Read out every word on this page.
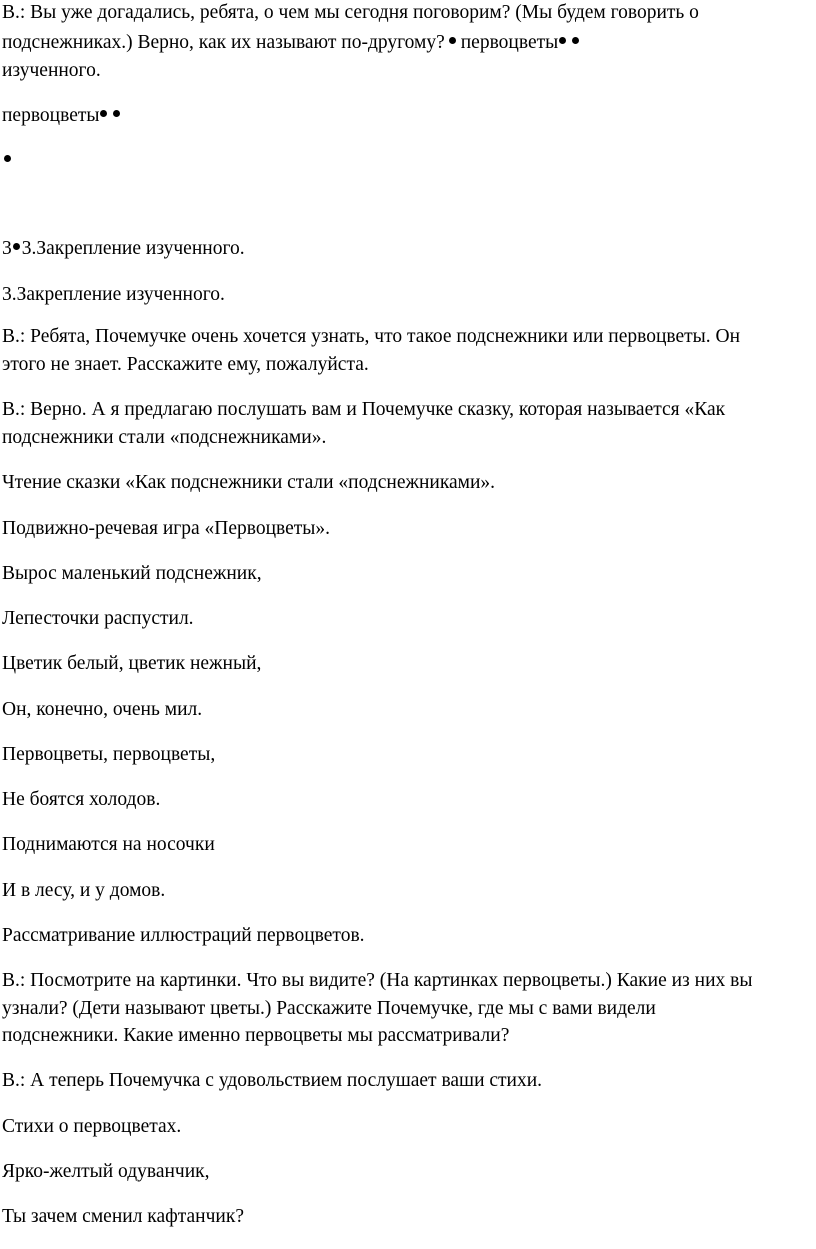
В.: Вы уже догадались, ребята, о чем мы сегодня поговорим? (Мы будем говорить о
подснежниках.) Верно, как их называют по-другому? первоцветы
изученного.
первоцветы
3 3.Закрепление изученного.
3.Закрепление изученного.
В.: Ребята, Почемучке очень хочется узнать, что такое подснежники или первоцветы. Он
этого не знает. Расскажите ему, пожалуйста.
В.: Верно. А я предлагаю послушать вам и Почемучке сказку, которая называется «Как
подснежники стали «подснежниками».
Чтение сказки «Как подснежники стали «подснежниками».
Подвижно-речевая игра «Первоцветы».
Вырос маленький подснежник,
Лепесточки распустил.
Цветик белый, цветик нежный,
Он, конечно, очень мил.
Первоцветы, первоцветы,
Не боятся холодов.
Поднимаются на носочки
И в лесу, и у домов.
Рассматривание иллюстраций первоцветов.
В.: Посмотрите на картинки. Что вы видите? (На картинках первоцветы.) Какие из них вы
узнали? (Дети называют цветы.) Расскажите Почемучке, где мы с вами видели
подснежники. Какие именно первоцветы мы рассматривали?
В.: А теперь Почемучка с удовольствием послушает ваши стихи.
Стихи о первоцветах.
Ярко-желтый одуванчик,
Ты зачем сменил кафтанчик?
